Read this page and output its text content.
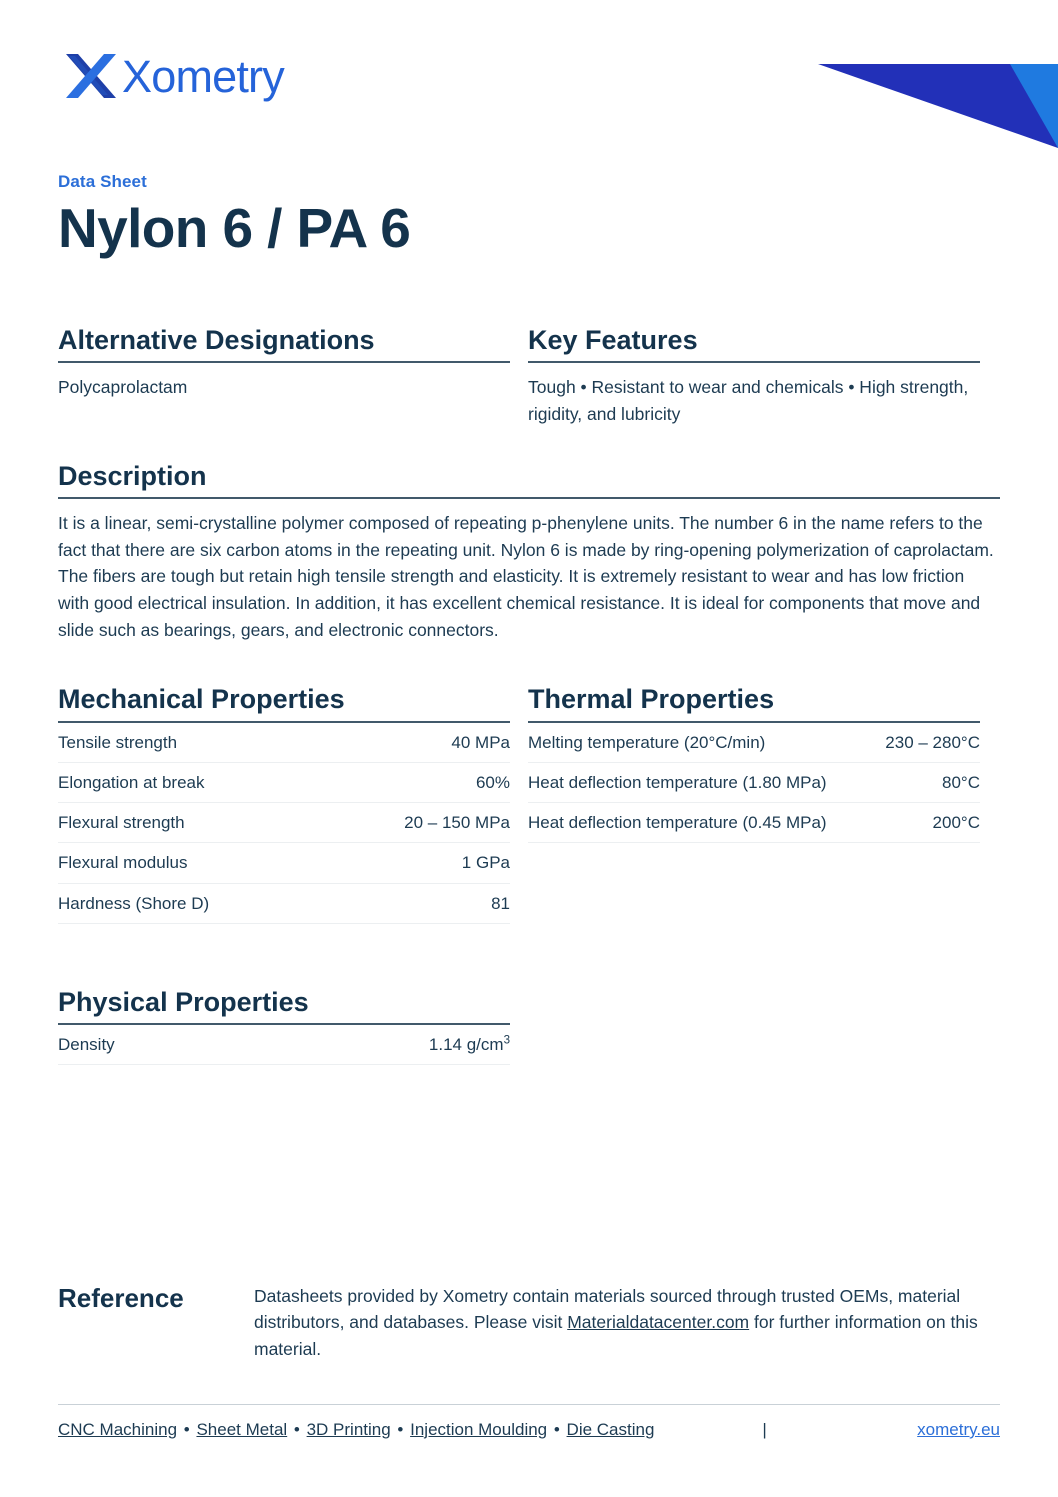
Xometry
Data Sheet
Nylon 6 / PA 6
Alternative Designations
Polycaprolactam
Key Features
Tough • Resistant to wear and chemicals • High strength, rigidity, and lubricity
Description
It is a linear, semi-crystalline polymer composed of repeating p-phenylene units. The number 6 in the name refers to the fact that there are six carbon atoms in the repeating unit. Nylon 6 is made by ring-opening polymerization of caprolactam. The fibers are tough but retain high tensile strength and elasticity. It is extremely resistant to wear and has low friction with good electrical insulation. In addition, it has excellent chemical resistance. It is ideal for components that move and slide such as bearings, gears, and electronic connectors.
Mechanical Properties
Tensile strength	40 MPa
Elongation at break	60%
Flexural strength	20 – 150 MPa
Flexural modulus	1 GPa
Hardness (Shore D)	81
Thermal Properties
Melting temperature (20°C/min)	230 – 280°C
Heat deflection temperature (1.80 MPa)	80°C
Heat deflection temperature (0.45 MPa)	200°C
Physical Properties
Density	1.14 $g/cm^3$
Reference	Datasheets provided by Xometry contain materials sourced through trusted OEMs, material distributors, and databases. Please visit Materialdatacenter.com for further information on this material.
CNC Machining • Sheet Metal • 3D Printing • Injection Moulding • Die Casting	|	xometry.eu
